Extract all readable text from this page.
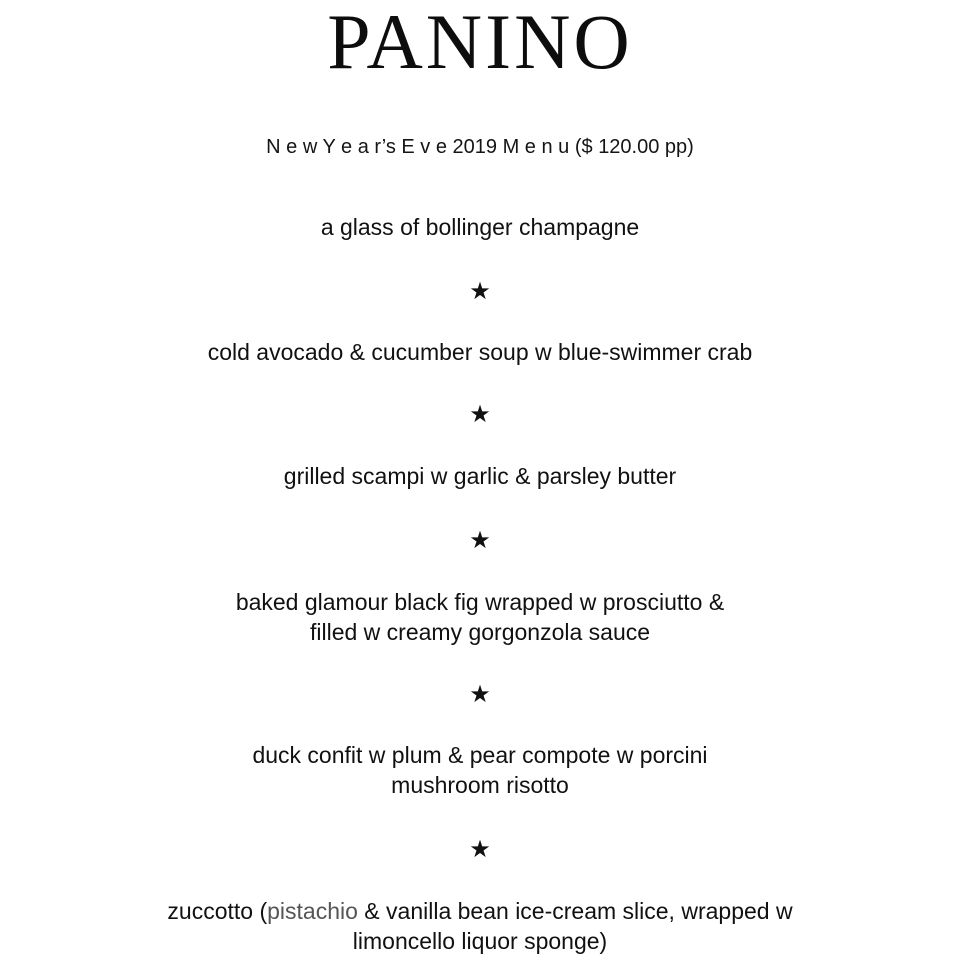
PANINO
N e w Y e a r’s E v e 2019 M e n u ($ 120.00 pp)
a glass of bollinger champagne
★
cold avocado & cucumber soup w blue-swimmer crab
★
grilled scampi w garlic & parsley butter
★
baked glamour black fig wrapped w prosciutto &
filled w creamy gorgonzola sauce
★
duck confit w plum & pear compote w porcini
mushroom risotto
★
zuccotto (pistachio & vanilla bean ice-cream slice, wrapped w
limoncello liquor sponge)
